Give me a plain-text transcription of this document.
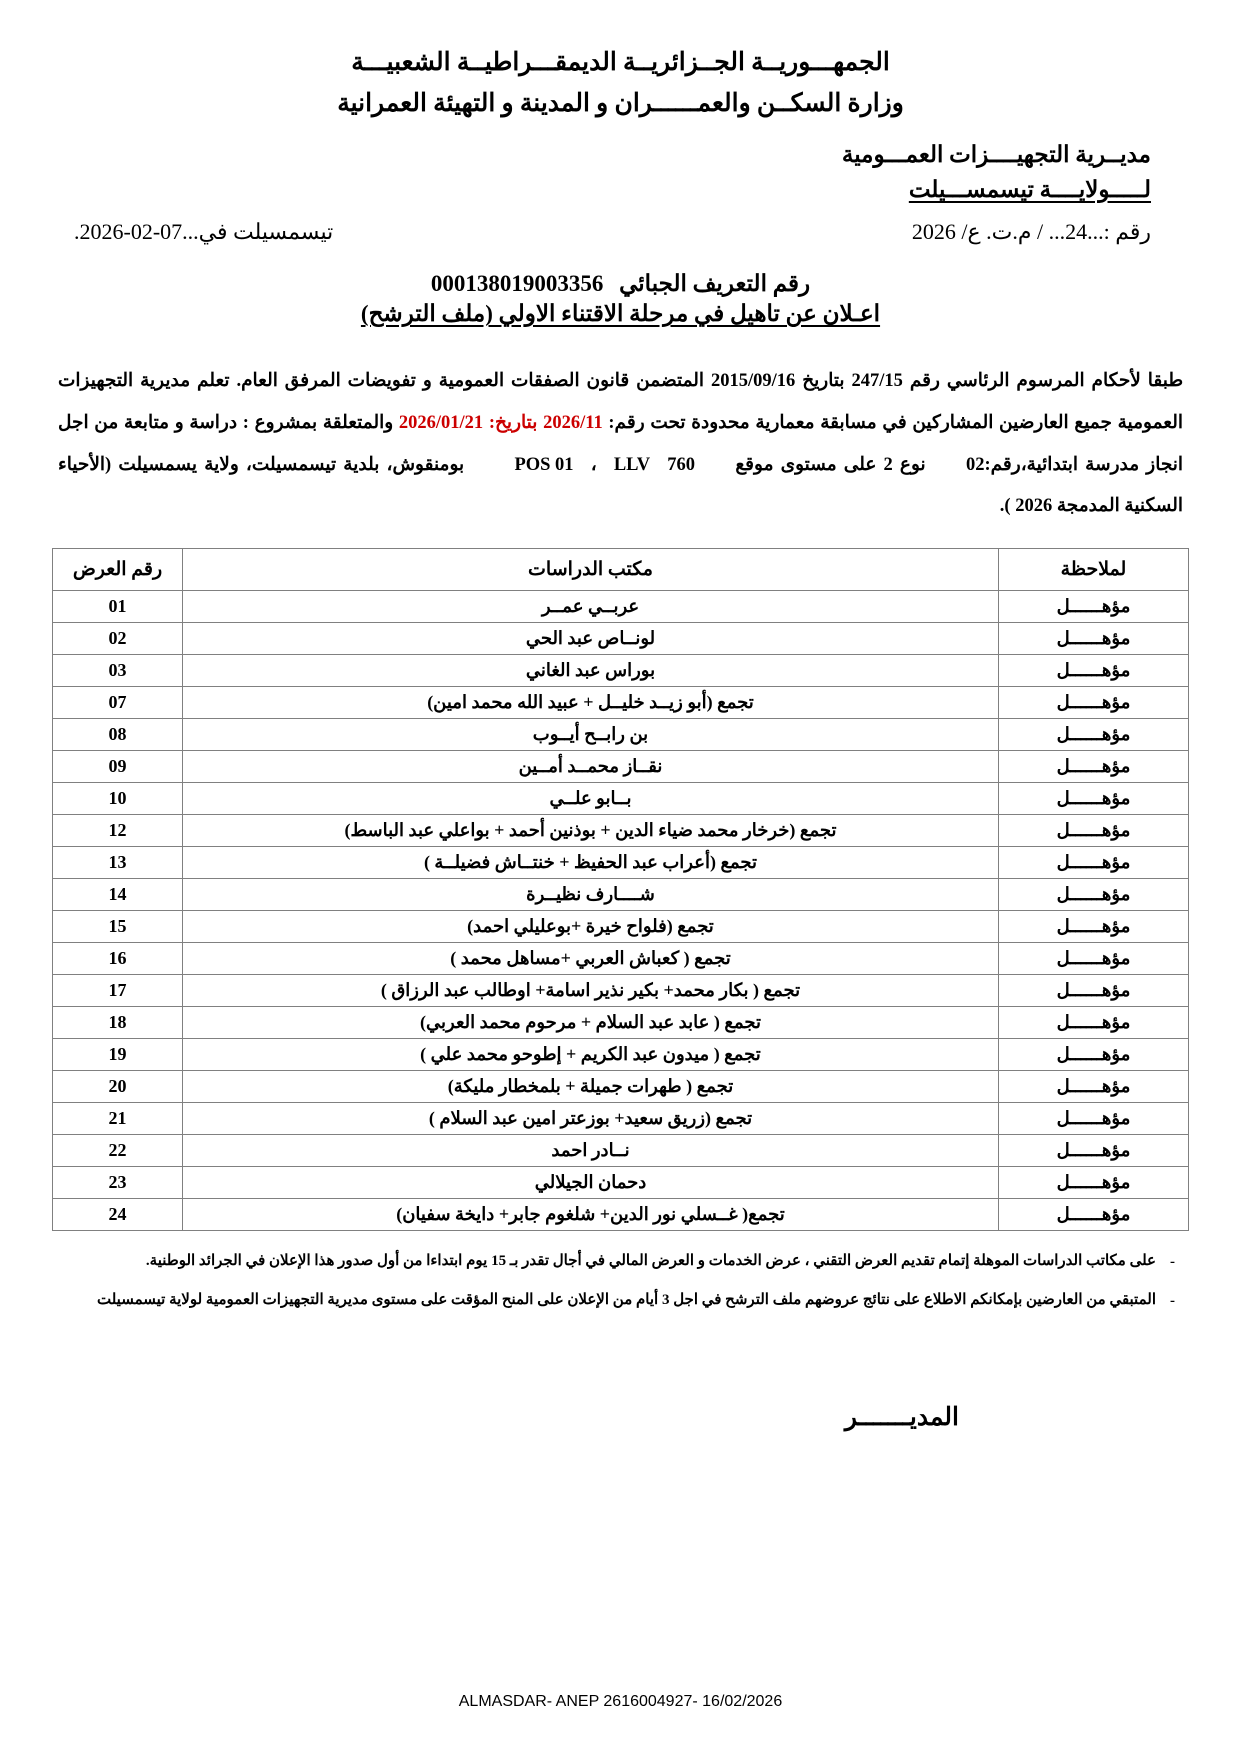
الجمهـــوريــة الجــزائريــة الديمقـــراطيــة الشعبيـــة
وزارة السكــن والعمــــــران و المدينة و التهيئة العمرانية
مديــرية التجهيــــزات العمـــومية
لـــــولايــــة تيسمســـيلت
رقم :...24... / م.ت. ع/ 2026
تيسمسيلت في...07-02-2026.
رقم التعريف الجبائي 000138019003356
اعـلان عن تاهيل في مرحلة الاقتناء الاولي (ملف الترشح)
طبقا لأحكام المرسوم الرئاسي رقم 247/15 بتاريخ 2015/09/16 المتضمن قانون الصفقات العمومية و تفويضات المرفق العام. تعلم مديرية التجهيزات العمومية جميع العارضين المشاركين في مسابقة معمارية محدودة تحت رقم: 2026/11 بتاريخ: 2026/01/21 والمتعلقة بمشروع : دراسة و متابعة من اجل انجاز مدرسة ابتدائية،رقم:02  نوع 2 على مستوى موقع  760 LLV ، POS 01  بومنقوش، بلدية تيسمسيلت، ولاية يسمسيلت (الأحياء السكنية المدمجة 2026 ).
لملاحظة	مكتب الدراسات	رقم العرض
مؤهــــــل	عربــي عمــر	01
مؤهــــــل	لونــاص عبد الحي	02
مؤهــــــل	بوراس عبد الغاني	03
مؤهــــــل	تجمع (أبو زيــد خليــل + عبيد الله محمد امين)	07
مؤهــــــل	بن رابــح أيــوب	08
مؤهــــــل	نقــاز محمــد أمــين	09
مؤهــــــل	بــابو علــي	10
مؤهــــــل	تجمع (خرخار محمد ضياء الدين + بوذنين أحمد + بواعلي عبد الباسط)	12
مؤهــــــل	تجمع (أعراب عبد الحفيظ + خنتــاش فضيلــة )	13
مؤهــــــل	شــــارف نظيــرة	14
مؤهــــــل	تجمع (فلواح خيرة +بوعليلي احمد)	15
مؤهــــــل	تجمع ( كعباش العربي +مساهل محمد )	16
مؤهــــــل	تجمع ( بكار محمد+ بكير نذير اسامة+ اوطالب عبد الرزاق )	17
مؤهــــــل	تجمع ( عابد عبد السلام + مرحوم محمد العربي)	18
مؤهــــــل	تجمع ( ميدون عبد الكريم + إطوحو محمد علي )	19
مؤهــــــل	تجمع ( طهرات جميلة + بلمخطار مليكة)	20
مؤهــــــل	تجمع (زريق سعيد+ بوزعتر امين عبد السلام )	21
مؤهــــــل	نــادر احمد	22
مؤهــــــل	دحمان الجيلالي	23
مؤهــــــل	تجمع( غــسلي نور الدين+ شلغوم جابر+ دايخة سفيان)	24
-
على مكاتب الدراسات الموهلة إتمام تقديم العرض التقني ، عرض الخدمات و العرض المالي في أجال تقدر بـ 15 يوم ابتداءا من أول صدور هذا الإعلان في الجرائد الوطنية.
-
المتبقي من العارضين بإمكانكم الاطلاع على نتائج عروضهم ملف الترشح في اجل 3 أيام من الإعلان على المنح المؤقت على مستوى مديرية التجهيزات العمومية لولاية تيسمسيلت
المديـــــــر
ALMASDAR- ANEP 2616004927- 16/02/2026
